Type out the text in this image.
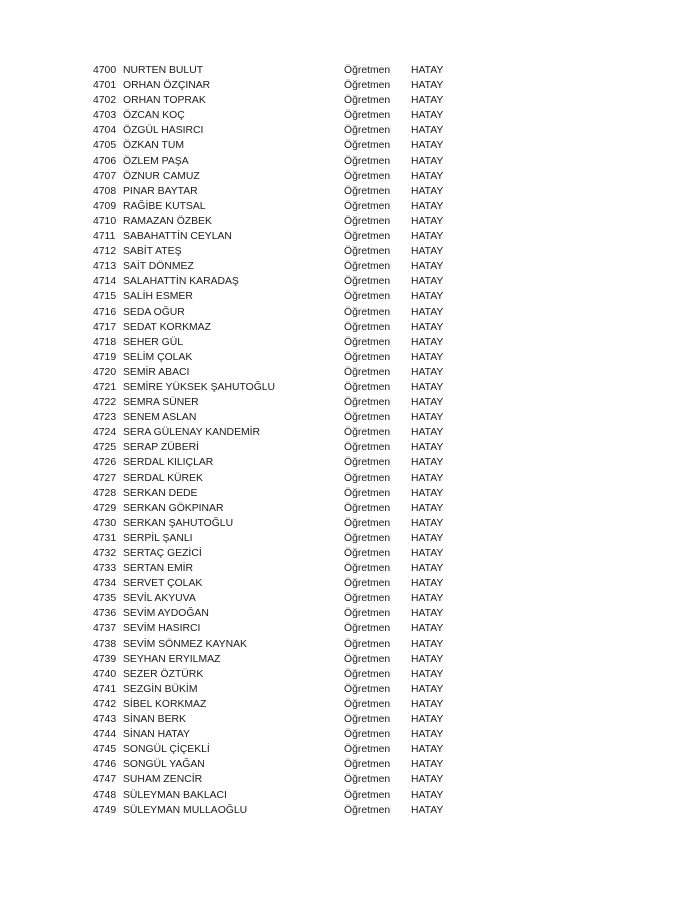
4700 NURTEN BULUT	Öğretmen HATAY
4701 ORHAN ÖZÇINAR	Öğretmen HATAY
4702 ORHAN TOPRAK	Öğretmen HATAY
4703 ÖZCAN KOÇ	Öğretmen HATAY
4704 ÖZGÜL HASIRCI	Öğretmen HATAY
4705 ÖZKAN TUM	Öğretmen HATAY
4706 ÖZLEM PAŞA	Öğretmen HATAY
4707 ÖZNUR CAMUZ	Öğretmen HATAY
4708 PINAR BAYTAR	Öğretmen HATAY
4709 RAĞİBE KUTSAL	Öğretmen HATAY
4710 RAMAZAN ÖZBEK	Öğretmen HATAY
4711 SABAHATTİN CEYLAN	Öğretmen HATAY
4712 SABİT ATEŞ	Öğretmen HATAY
4713 SAİT DÖNMEZ	Öğretmen HATAY
4714 SALAHATTİN KARADAŞ	Öğretmen HATAY
4715 SALİH ESMER	Öğretmen HATAY
4716 SEDA OĞUR	Öğretmen HATAY
4717 SEDAT KORKMAZ	Öğretmen HATAY
4718 SEHER GÜL	Öğretmen HATAY
4719 SELİM ÇOLAK	Öğretmen HATAY
4720 SEMİR ABACI	Öğretmen HATAY
4721 SEMİRE YÜKSEK ŞAHUTOĞLU	Öğretmen HATAY
4722 SEMRA SÜNER	Öğretmen HATAY
4723 SENEM ASLAN	Öğretmen HATAY
4724 SERA GÜLENAY KANDEMİR	Öğretmen HATAY
4725 SERAP ZÜBERİ	Öğretmen HATAY
4726 SERDAL KILIÇLAR	Öğretmen HATAY
4727 SERDAL KÜREK	Öğretmen HATAY
4728 SERKAN DEDE	Öğretmen HATAY
4729 SERKAN GÖKPINAR	Öğretmen HATAY
4730 SERKAN ŞAHUTOĞLU	Öğretmen HATAY
4731 SERPİL ŞANLI	Öğretmen HATAY
4732 SERTAÇ GEZİCİ	Öğretmen HATAY
4733 SERTAN EMİR	Öğretmen HATAY
4734 SERVET ÇOLAK	Öğretmen HATAY
4735 SEVİL AKYUVA	Öğretmen HATAY
4736 SEVİM AYDOĞAN	Öğretmen HATAY
4737 SEVİM HASIRCI	Öğretmen HATAY
4738 SEVİM SÖNMEZ KAYNAK	Öğretmen HATAY
4739 SEYHAN ERYILMAZ	Öğretmen HATAY
4740 SEZER ÖZTÜRK	Öğretmen HATAY
4741 SEZGİN BÜKİM	Öğretmen HATAY
4742 SİBEL KORKMAZ	Öğretmen HATAY
4743 SİNAN BERK	Öğretmen HATAY
4744 SİNAN HATAY	Öğretmen HATAY
4745 SONGÜL ÇİÇEKLİ	Öğretmen HATAY
4746 SONGÜL YAĞAN	Öğretmen HATAY
4747 SUHAM ZENCİR	Öğretmen HATAY
4748 SÜLEYMAN BAKLACI	Öğretmen HATAY
4749 SÜLEYMAN MULLAOĞLU	Öğretmen HATAY
